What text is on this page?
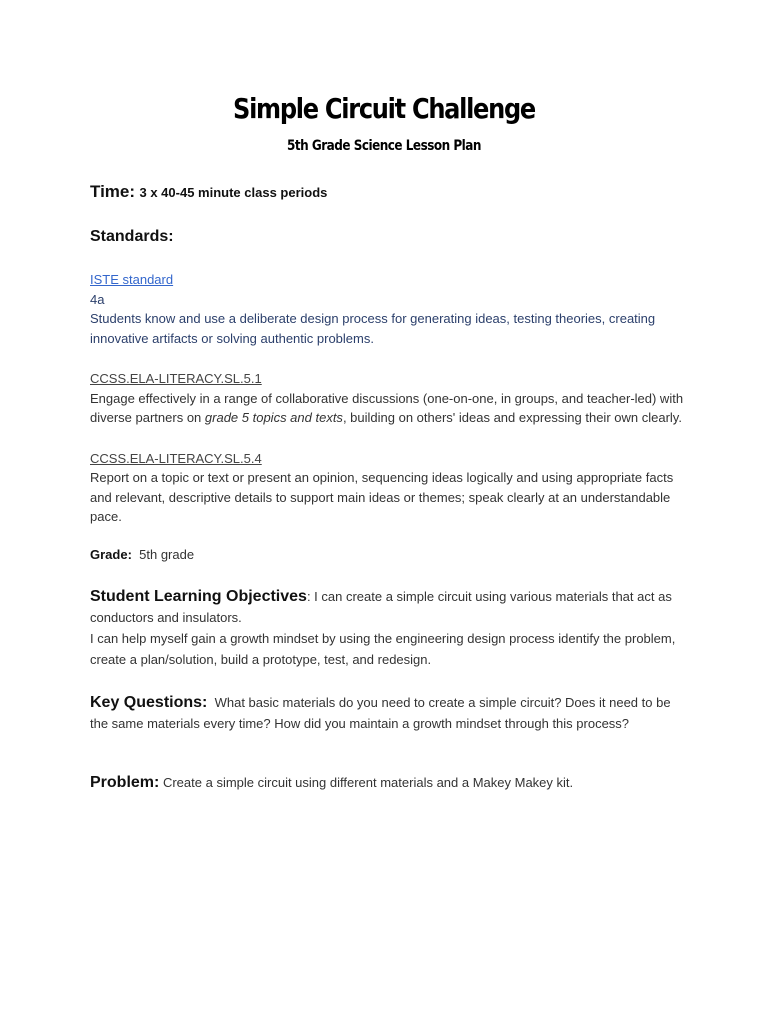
Simple Circuit Challenge
5th Grade Science Lesson Plan

Time: 3 x 40-45 minute class periods

Standards:
ISTE standard
4a
Students know and use a deliberate design process for generating ideas, testing theories, creating innovative artifacts or solving authentic problems.
CCSS.ELA-LITERACY.SL.5.1
Engage effectively in a range of collaborative discussions (one-on-one, in groups, and teacher-led) with diverse partners on grade 5 topics and texts, building on others' ideas and expressing their own clearly.
CCSS.ELA-LITERACY.SL.5.4
Report on a topic or text or present an opinion, sequencing ideas logically and using appropriate facts and relevant, descriptive details to support main ideas or themes; speak clearly at an understandable pace.
Grade: 5th grade
Student Learning Objectives: I can create a simple circuit using various materials that act as conductors and insulators.
I can help myself gain a growth mindset by using the engineering design process identify the problem, create a plan/solution, build a prototype, test, and redesign.
Key Questions: What basic materials do you need to create a simple circuit? Does it need to be the same materials every time? How did you maintain a growth mindset through this process?
Problem: Create a simple circuit using different materials and a Makey Makey kit.
